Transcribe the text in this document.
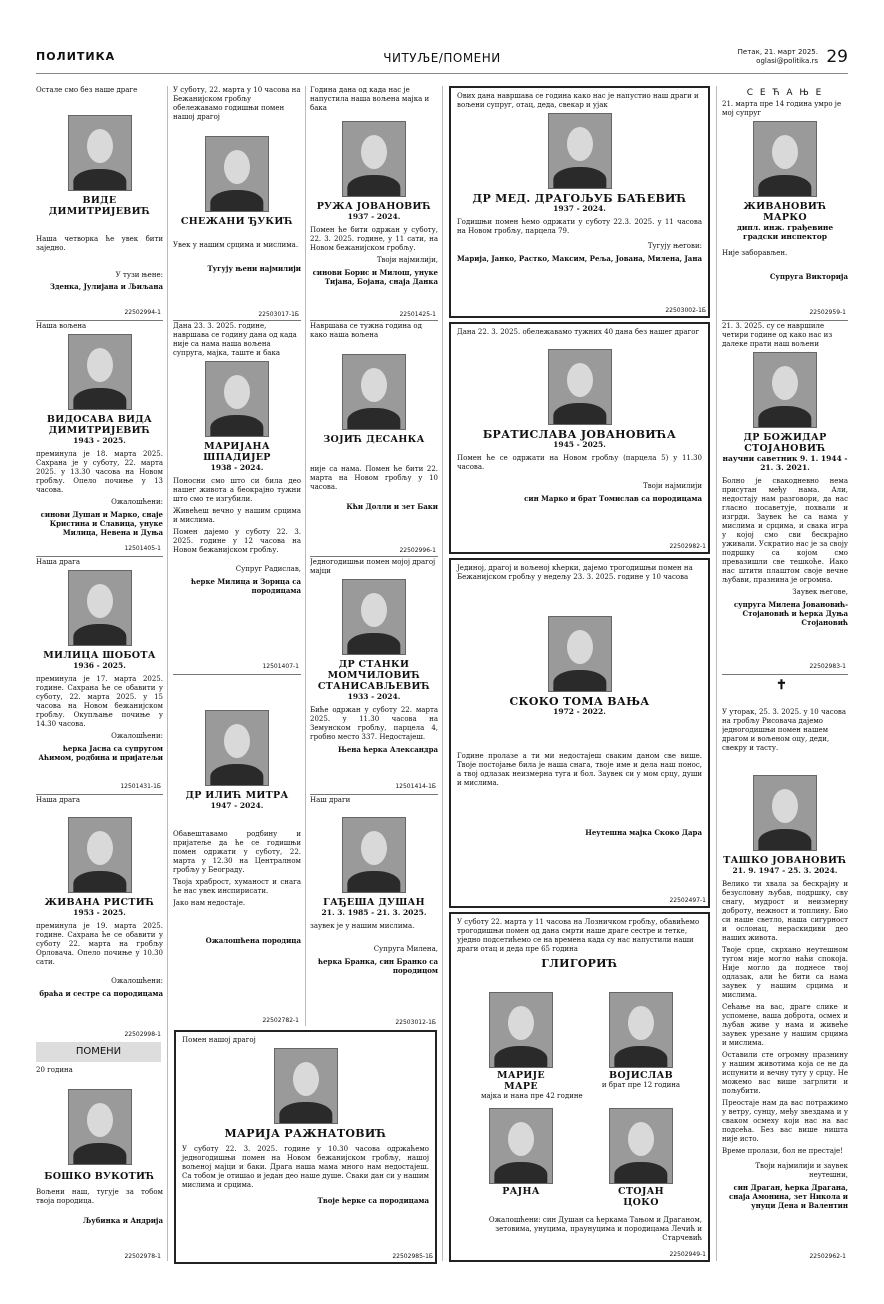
ПОЛИТИКА	ЧИТУЉЕ/ПОМЕНИ	Петак, 21. март 2025.
oglasi@politika.rs 29
Остале смо без наше драге
ВИДЕ ДИМИТРИЈЕВИЋ
Наша четворка ће увек бити заједно.
У тузи њене:
Зденка, Јулијана и Љиљана
22502994-1
Наша вољена
ВИДОСАВА ВИДА ДИМИТРИЈЕВИЋ
1943 - 2025.
преминула је 18. марта 2025. Сахрана је у суботу, 22. марта 2025. у 13.30 часова на Новом гробљу. Опело почиње у 13 часова.
Ожалошћени:
синови Душан и Марко, снаје Кристина и Славица, унуке Милица, Невена и Дуња
12501405-1
Наша драга
МИЛИЦА ШОБОТА
1936 - 2025.
преминула је 17. марта 2025. године. Сахрана ће се обавити у суботу, 22. марта 2025. у 15 часова на Новом бежанијском гробљу. Окупљање почиње у 14.30 часова.
Ожалошћени:
ћерка Јасна са супругом Аћимом, родбина и пријатељи
12501431-1Б
Наша драга
ЖИВАНА РИСТИЋ
1953 - 2025.
преминула је 19. марта 2025. године. Сахрана ће се обавити у суботу 22. марта на гробљу Орловача. Опело почиње у 10.30 сати.
Ожалошћени:
браћа и сестре са породицама
22502998-1
ПОМЕНИ
20 година
БОШКО ВУКОТИЋ
Вољени наш, тугује за тобом твоја породица.
Љубинка и Андрија
22502978-1
У суботу, 22. марта у 10 часова на Бежанијском гробљу обележавамо годишњи помен нашој драгој
СНЕЖАНИ ЂУКИЋ
Увек у нашим срцима и мислима.
Тугују њени најмилији
22503017-1Б
Дана 23. 3. 2025. године, навршава се годину дана од када није са нама наша вољена супруга, мајка, таште и бака
МАРИЈАНА ШПАДИЈЕР
1938 - 2024.
Поносни смо што си била део нашег живота а беокрајно тужни што смо те изгубили.
Живећеш вечно у нашим срцима и мислима.
Помен дајемо у суботу 22. 3. 2025. године у 12 часова на Новом бежанијском гробљу.
Супруг Радислав,
ћерке Милица и Зорица са породицама
12501407-1
ДР ИЛИЋ МИТРА
1947 - 2024.
Обавештавамо родбину и пријатеље да ће се годишњи помен одржати у суботу, 22. марта у 12.30 на Централном гробљу у Београду.
Твоја храброст, хуманост и снага ће нас увек инспирисати.
Јако нам недостаје.
Ожалошћена породица
22502782-1
Година дана од када нас је напустила наша вољена мајка и бака
РУЖА ЈОВАНОВИЋ
1937 - 2024.
Помен ће бити одржан у суботу, 22. 3. 2025. године, у 11 сати, на Новом бежанијском гробљу.
Твоји најмилији,
синови Борис и Милош, унуке Тијана, Бојана, снаја Данка
22501425-1
Навршава се тужна година од како наша вољена
ЗОЈИЋ ДЕСАНКА
није са нама. Помен ће бити 22. марта на Новом гробљу у 10 часова.
Кћи Долли и зет Баки
22502996-1
Једногодишњи помен мојој драгој мајци
ДР СТАНКИ МОМЧИЛОВИЋ СТАНИСАВЉЕВИЋ
1933 - 2024.
Биће одржан у суботу 22. марта 2025. у 11.30 часова на Земунском гробљу, парцела 4, гробно место 337. Недостајеш.
Њена ћерка Александра
12501414-1Б
Наш драги
ГАЂЕША ДУШАН
21. 3. 1985 - 21. 3. 2025.
заувек је у нашим мислима.
Супруга Милена,
ћерка Бранка, син Бранко са породицом
22503012-1Б
Помен нашој драгој
МАРИЈА РАЖНАТОВИЋ
У суботу 22. 3. 2025. године у 10.30 часова одржаћемо једногодишњи помен на Новом бежанијском гробљу, нашој вољеној мајци и баки. Драга наша мама много нам недостајеш. Са тобом је отишао и један део наше душе. Сваки дан си у нашим мислима и срцима.
Твоје ћерке са породицама
22502985-1Б
Ових дана навршава се година како нас је напустио наш драги и вољени супруг, отац, деда, свекар и ујак
ДР МЕД. ДРАГОЉУБ БАЋЕВИЋ
1937 - 2024.
Годишњи помен ћемо одржати у суботу 22.3. 2025. у 11 часова на Новом гробљу, парцела 79.
Тугују његови:
Марија, Јанко, Растко, Максим, Рељa, Јована, Милена, Јана
22503002-1Б
Дана 22. 3. 2025. обележавамо тужних 40 дана без нашег драгог
БРАТИСЛАВА ЈОВАНОВИЋА
1945 - 2025.
Помен ће се одржати на Новом гробљу (парцела 5) у 11.30 часова.
Твоји најмилији
син Марко и брат Томислав са породицама
22502982-1
Јединој, драгој и вољеној кћерки, дајемо трогодишњи помен на Бежанијском гробљу у недељу 23. 3. 2025. године у 10 часова
СКОКО ТОМА ВАЊА
1972 - 2022.
Године пролазе а ти ми недостајеш сваким даном све више. Твоје постојање била је наша снага, твоје име и дела наш понос, а твој одлазак неизмерна туга и бол. Заувек си у мом срцу, души и мислима.
Неутешна мајка Скоко Дара
22502497-1
У суботу 22. марта у 11 часова на Лозничком гробљу, обавићемо трогодишњи помен од дана смрти наше драге сестре и тетке, уједно подсетићемо се на времена када су нас напустили наши драги отац и деда пре 65 година
ГЛИГОРИЋ
МАРИЈЕ МАРЕ
мајка и нана пре 42 године
ВОЈИСЛАВ
и брат пре 12 година
РАЈНА	СТОЈАН ЦОКО
Ожалошћени: син Душан са ћеркама Тањом и Драганом, зетовима, унуцима, праунуцима и породицама Лечић и Старчевић
22502949-1
С Е Ћ А Њ Е
21. марта пре 14 година умро је мој супруг
ЖИВАНОВИЋ МАРКО
дипл. инж. грађевине градски инспектор
Није заборављен.
Супруга Викторија
22502959-1
21. 3. 2025. су се навршиле четири године од како нас из далеке прати наш вољени
ДР БОЖИДАР СТОЈАНОВИЋ
научни саветник 9. 1. 1944 - 21. 3. 2021.
Болно је свакодневно нема присутан међу нама. Али, недостају нам разговори, да нас гласно посаветује, похвали и изгрди. Заувек ће са нама у мислима и срцима, и свака игра у којој смо сви бескрајно уживали. Ускратио нас је за своју подршку са којом смо превазишли све тешкоће. Иако нас штити плаштом своје вечне љубави, празнина је огромна.
Заувек његове,
супруга Милена Јовановић-Стојановић и ћерка Дуња Стојановић
22502983-1
✝
У уторак, 25. 3. 2025. у 10 часова на гробљу Рисовача дајемо једногодишњи помен нашем драгом и вољеном оцу, деди, свекру и тасту.
ТАШКО ЈОВАНОВИЋ
21. 9. 1947 - 25. 3. 2024.
Велико ти хвала за бескрајну и безусловну љубав, подршку, сву снагу, мудрост и неизмерну доброту, нежност и топлину. Био си наше светло, наша сигурност и ослонац, нераскидиви део наших живота.
Твоје срце, скрхано неутешном тугом није могло наћи спокоја. Није могло да поднесе твој одлазак, али ће бити са нама заувек у нашим срцима и мислима.
Сећање на вас, драге слике и успомене, ваша доброта, осмех и љубав живе у нама и живеће заувек урезане у нашим срцима и мислима.
Оставили сте огромну празнину у нашим животима која се не да испунити и вечну тугу у срцу. Не можемо вас више загрлити и пољубити.
Преостаје нам да вас потражимо у ветру, сунцу, међу звездама и у сваком осмеху који нас на вас подсећа. Без вас више ништа није исто.
Време пролази, бол не престаје!
Твоји најмилији и заувек неутешни,
син Драган, ћерка Драгана, снаја Амонина, зет Никола и унуци Дена и Валентин
22502962-1
